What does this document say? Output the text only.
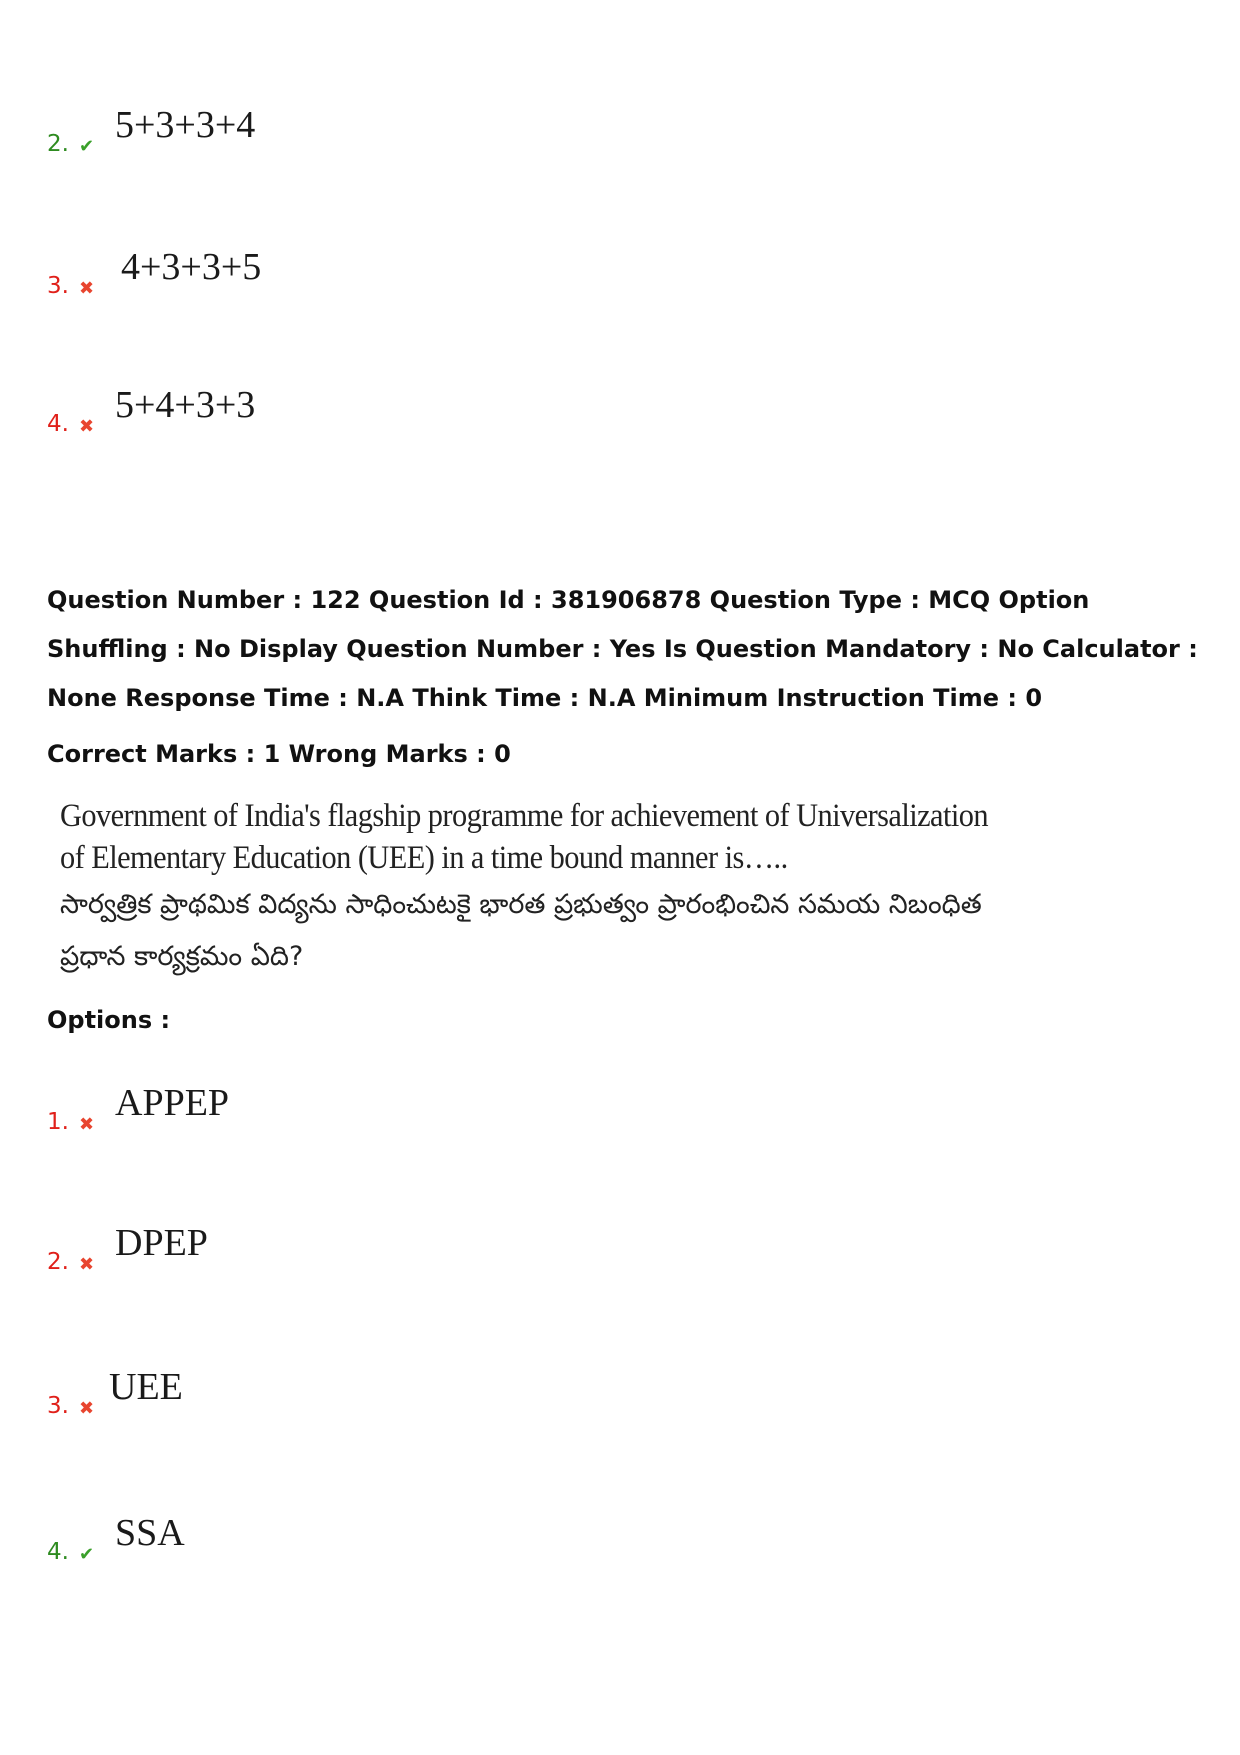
2. ✔
5+3+3+4
3. ✖
4+3+3+5
4. ✖
5+4+3+3
Question Number : 122 Question Id : 381906878 Question Type : MCQ Option Shuffling : No Display Question Number : Yes Is Question Mandatory : No Calculator : None Response Time : N.A Think Time : N.A Minimum Instruction Time : 0
Correct Marks : 1 Wrong Marks : 0
Government of India's flagship programme for achievement of Universalization
of Elementary Education (UEE) in a time bound manner is…..
సార్వత్రిక ప్రాథమిక విద్యను సాధించుటకై భారత ప్రభుత్వం ప్రారంభించిన సమయ నిబంధిత
ప్రధాన కార్యక్రమం ఏది?
Options :
1. ✖
APPEP
2. ✖
DPEP
3. ✖
UEE
4. ✔
SSA
